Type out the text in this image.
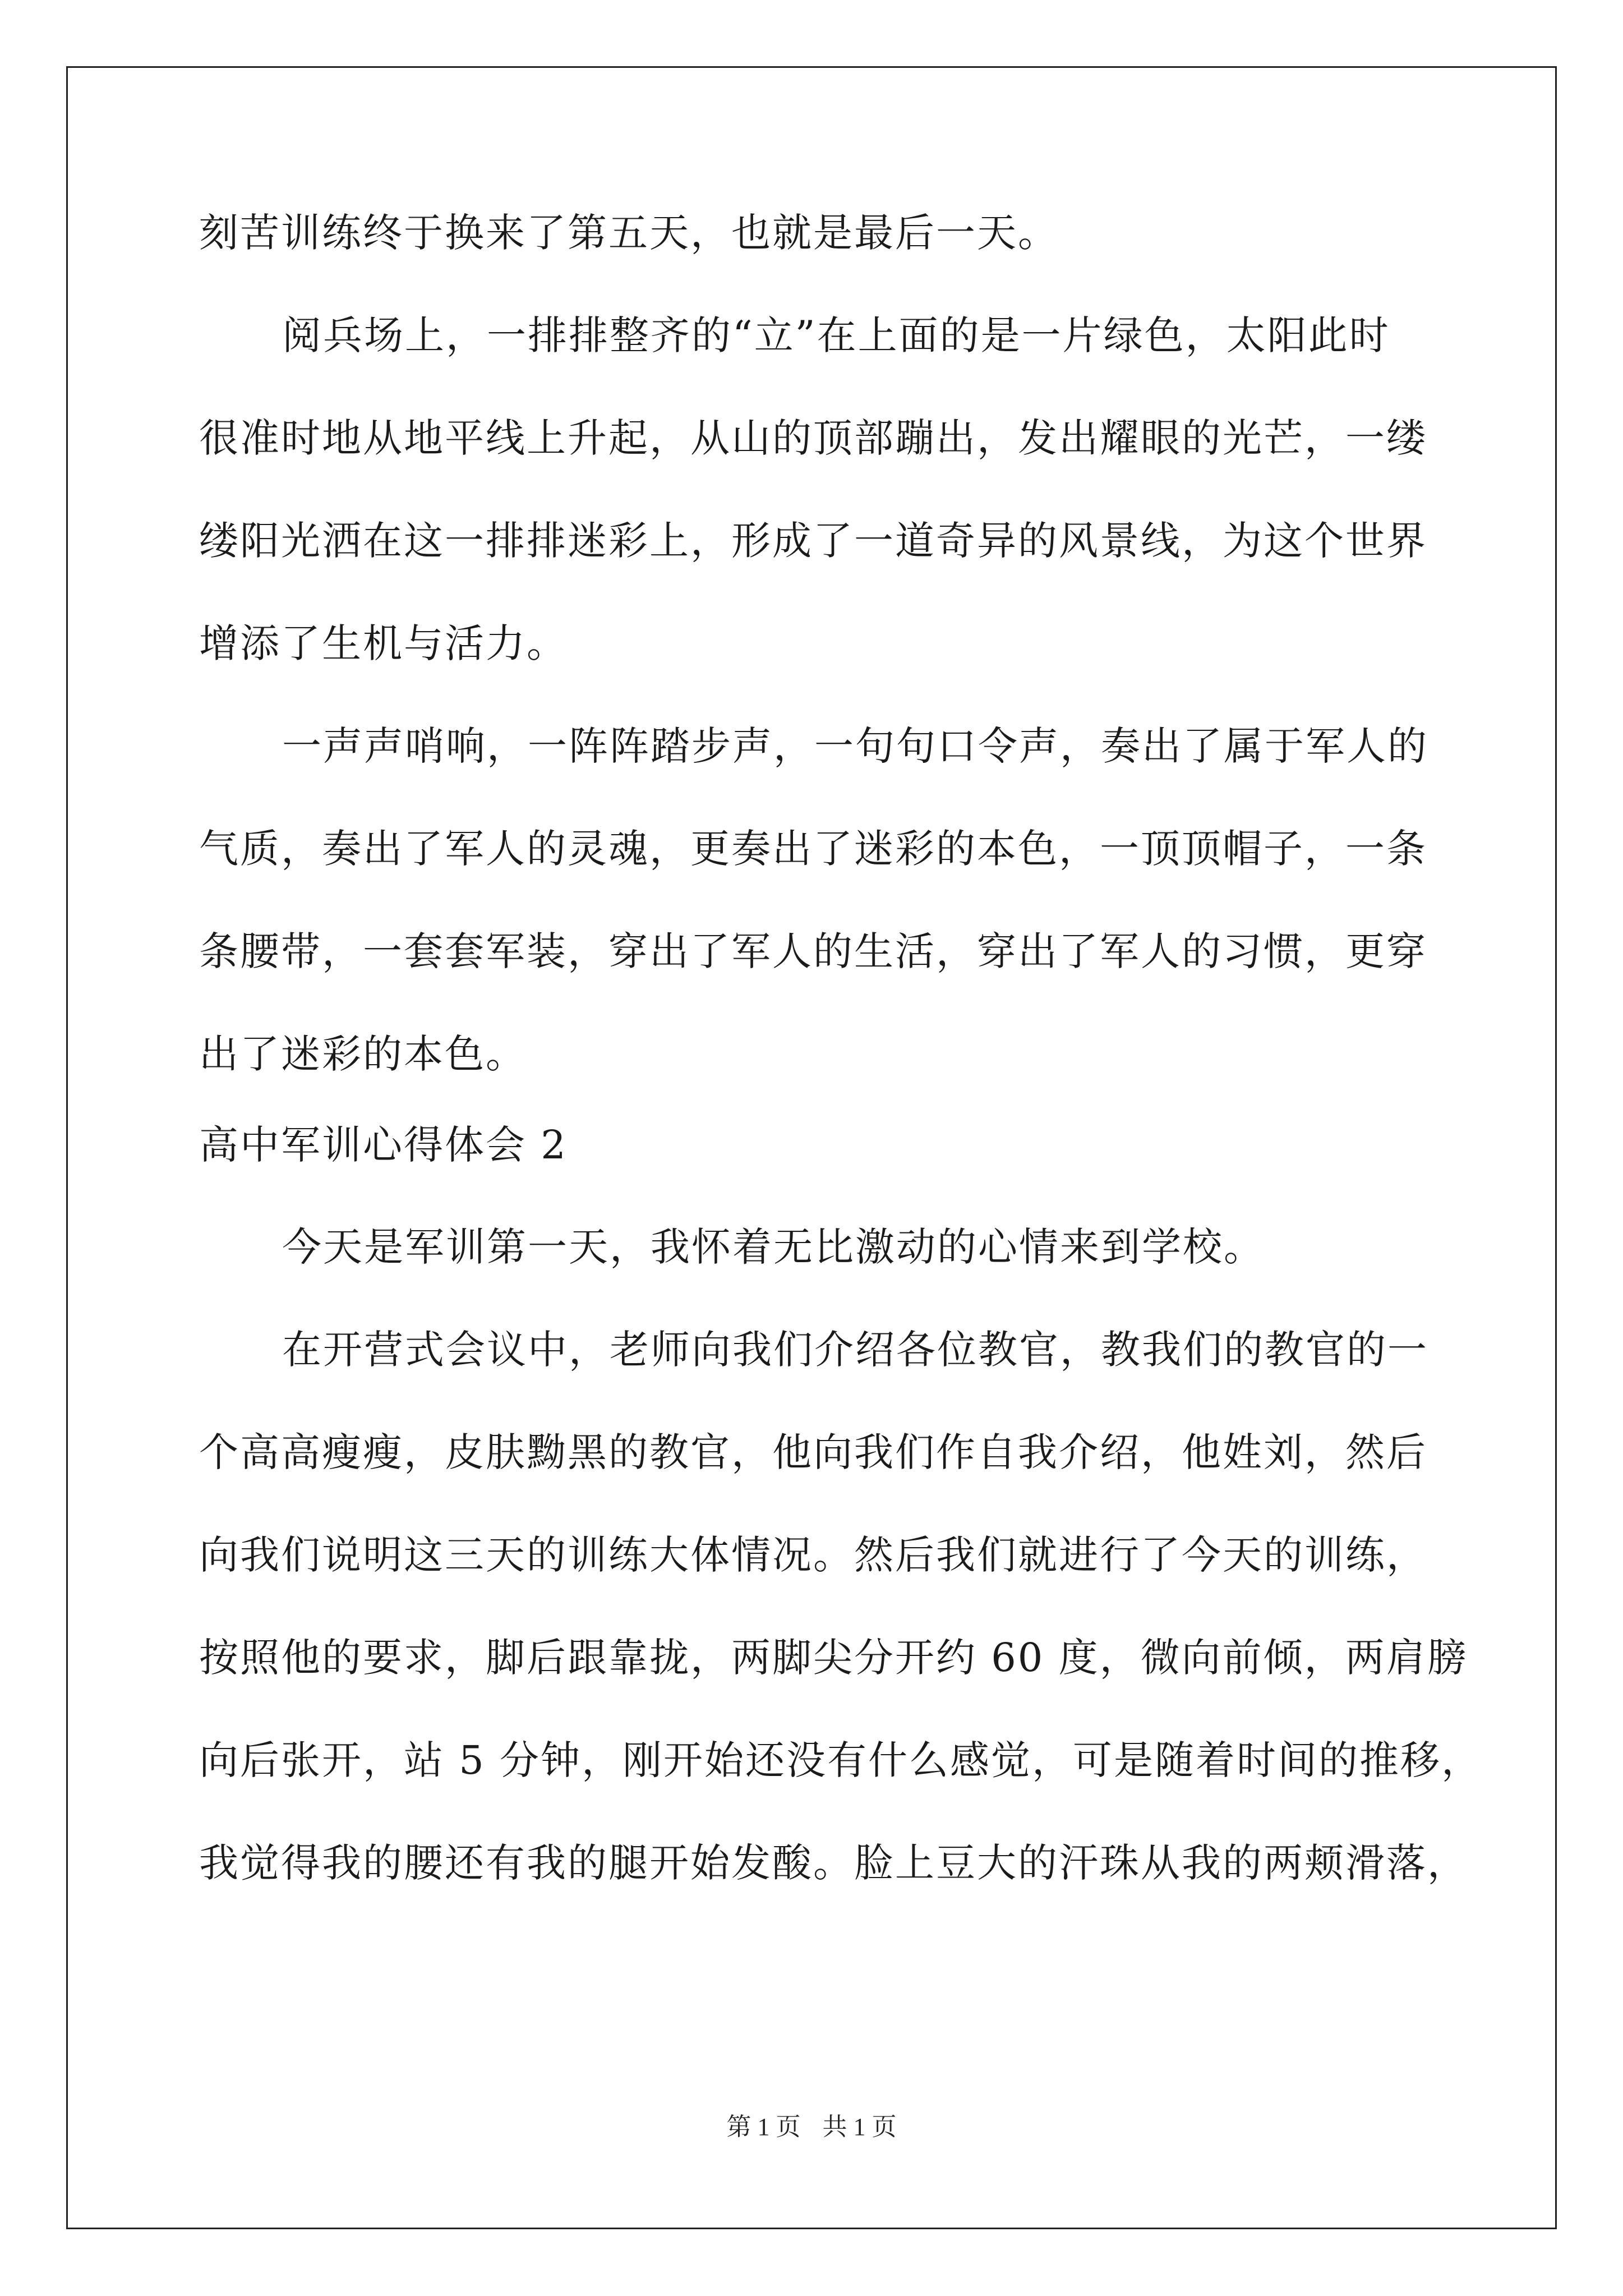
刻苦训练终于换来了第五天，也就是最后一天。
阅兵场上，一排排整齐的“立”在上面的是一片绿色，太阳此时
很准时地从地平线上升起，从山的顶部蹦出，发出耀眼的光芒，一缕
缕阳光洒在这一排排迷彩上，形成了一道奇异的风景线，为这个世界
增添了生机与活力。
一声声哨响，一阵阵踏步声，一句句口令声，奏出了属于军人的
气质，奏出了军人的灵魂，更奏出了迷彩的本色，一顶顶帽子，一条
条腰带，一套套军装，穿出了军人的生活，穿出了军人的习惯，更穿
出了迷彩的本色。
高中军训心得体会 2
今天是军训第一天，我怀着无比激动的心情来到学校。
在开营式会议中，老师向我们介绍各位教官，教我们的教官的一
个高高瘦瘦，皮肤黝黑的教官，他向我们作自我介绍，他姓刘，然后
向我们说明这三天的训练大体情况。然后我们就进行了今天的训练，
按照他的要求，脚后跟靠拢，两脚尖分开约 60 度，微向前倾，两肩膀
向后张开，站 5 分钟，刚开始还没有什么感觉，可是随着时间的推移，
我觉得我的腰还有我的腿开始发酸。脸上豆大的汗珠从我的两颊滑落，
第 1 页 共 1 页
